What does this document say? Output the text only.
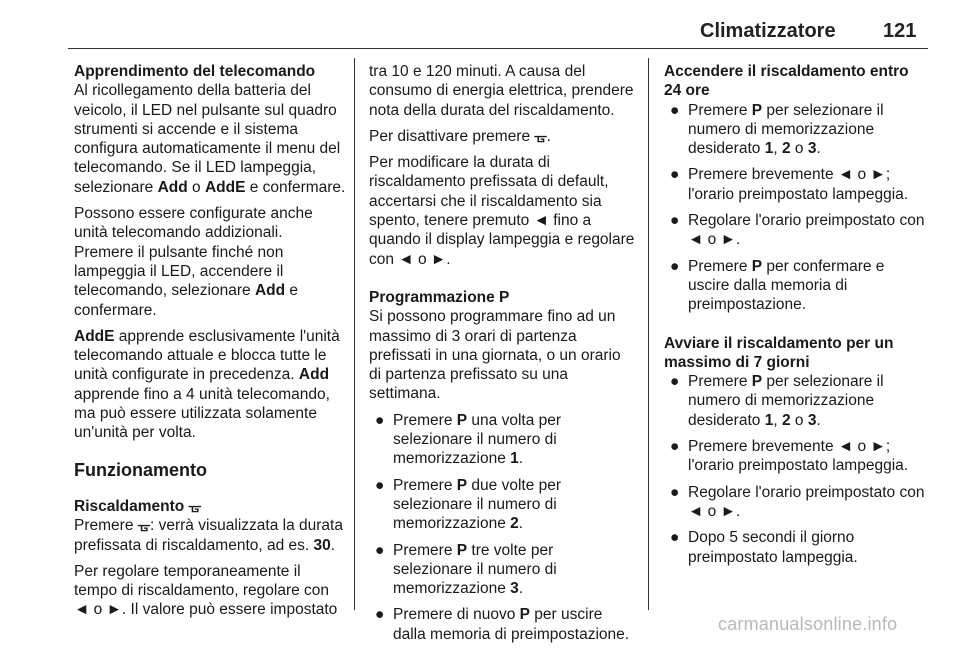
Climatizzatore 121

Apprendimento del telecomando

Al ricollegamento della batteria del veicolo, il LED nel pulsante sul quadro strumenti si accende e il sistema configura automaticamente il menu del telecomando. Se il LED lampeggia, selezionare Add o AddE e confermare.

Possono essere configurate anche unità telecomando addizionali. Premere il pulsante finché non lampeggia il LED, accendere il telecomando, selezionare Add e confermare.

AddE apprende esclusivamente l'unità telecomando attuale e blocca tutte le unità configurate in precedenza. Add apprende fino a 4 unità telecomando, ma può essere utilizzata solamente un'unità per volta.

Funzionamento

Riscaldamento ᚗ

Premere ᚗ: verrà visualizzata la durata prefissata di riscaldamento, ad es. 30.

Per regolare temporaneamente il tempo di riscaldamento, regolare con ◄ o ►. Il valore può essere impostato

tra 10 e 120 minuti. A causa del consumo di energia elettrica, prendere nota della durata del riscaldamento.

Per disattivare premere ᚗ.

Per modificare la durata di riscaldamento prefissata di default, accertarsi che il riscaldamento sia spento, tenere premuto ◄ fino a quando il display lampeggia e regolare con ◄ o ►.

Programmazione P

Si possono programmare fino ad un massimo di 3 orari di partenza prefissati in una giornata, o un orario di partenza prefissato su una settimana.

● Premere P una volta per selezionare il numero di memorizzazione 1.
● Premere P due volte per selezionare il numero di memorizzazione 2.
● Premere P tre volte per selezionare il numero di memorizzazione 3.
● Premere di nuovo P per uscire dalla memoria di preimpostazione.

Accendere il riscaldamento entro 24 ore

● Premere P per selezionare il numero di memorizzazione desiderato 1, 2 o 3.
● Premere brevemente ◄ o ►; l'orario preimpostato lampeggia.
● Regolare l'orario preimpostato con ◄ o ►.
● Premere P per confermare e uscire dalla memoria di preimpostazione.

Avviare il riscaldamento per un massimo di 7 giorni

● Premere P per selezionare il numero di memorizzazione desiderato 1, 2 o 3.
● Premere brevemente ◄ o ►; l'orario preimpostato lampeggia.
● Regolare l'orario preimpostato con ◄ o ►.
● Dopo 5 secondi il giorno preimpostato lampeggia.
carmanualsonline.info
